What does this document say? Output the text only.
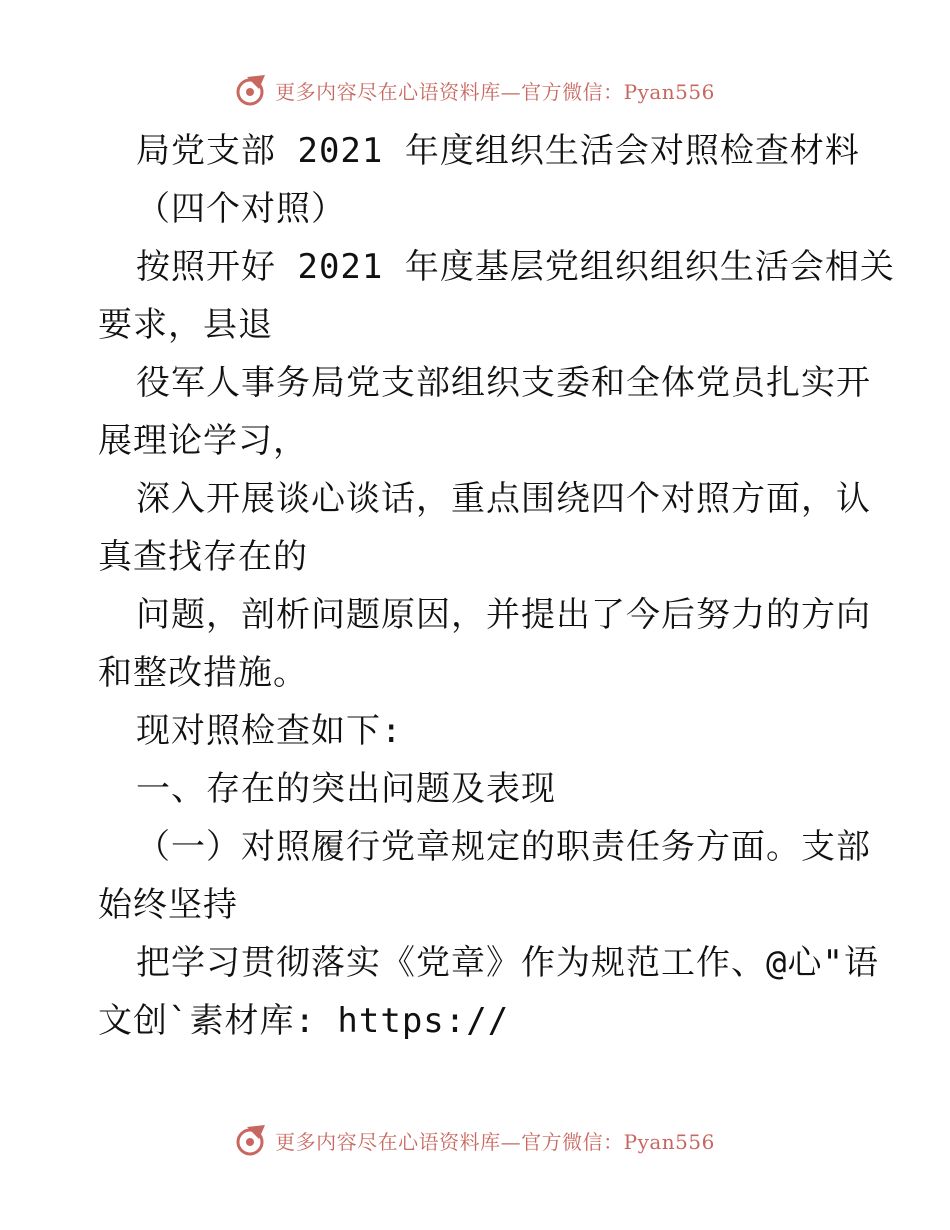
更多内容尽在心语资料库—官方微信：Pyan556
局党支部 2021 年度组织生活会对照检查材料
（四个对照）
按照开好 2021 年度基层党组织组织生活会相关
要求，县退
役军人事务局党支部组织支委和全体党员扎实开
展理论学习，
深入开展谈心谈话，重点围绕四个对照方面，认
真查找存在的
问题，剖析问题原因，并提出了今后努力的方向
和整改措施。
现对照检查如下:
一、存在的突出问题及表现
（一）对照履行党章规定的职责任务方面。支部
始终坚持
把学习贯彻落实《党章》作为规范工作、@心"语
文创`素材库: https://
更多内容尽在心语资料库—官方微信：Pyan556
